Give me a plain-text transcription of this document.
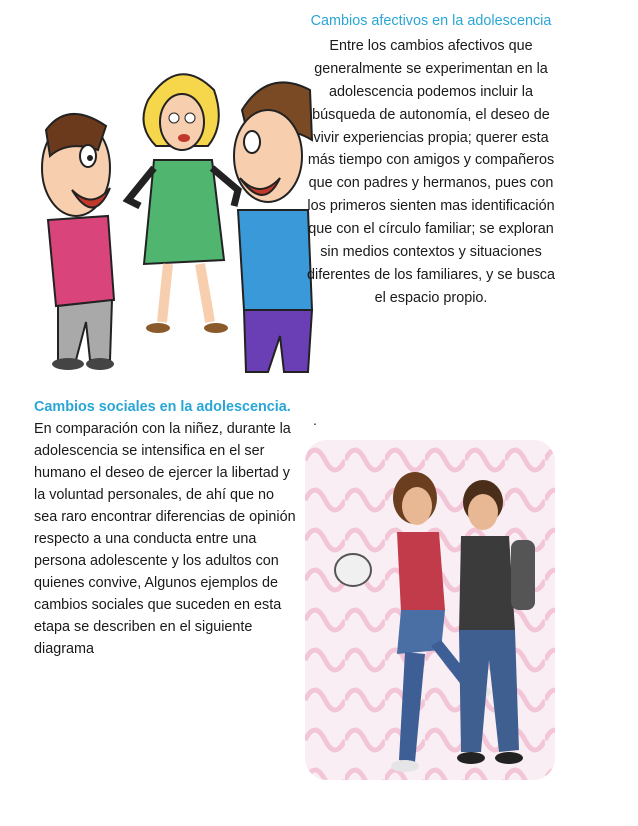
Cambios afectivos en la adolescencia
Entre los cambios afectivos que generalmente se experimentan en la adolescencia podemos incluir la búsqueda de autonomía, el deseo de vivir experiencias propia; querer esta más tiempo con amigos y compañeros que con padres y hermanos, pues con los primeros sienten mas identificación que con el círculo familiar; se exploran sin medios contextos y situaciones diferentes de los familiares, y se busca el espacio propio.
.
Cambios sociales en la adolescencia.
En comparación con la niñez, durante la adolescencia se intensifica en el ser humano el deseo de ejercer la libertad y la voluntad personales, de ahí que no sea raro encontrar diferencias de opinión respecto a una conducta entre una persona adolescente y los adultos con quienes convive, Algunos ejemplos de cambios sociales que suceden en esta etapa se describen en el siguiente diagrama
